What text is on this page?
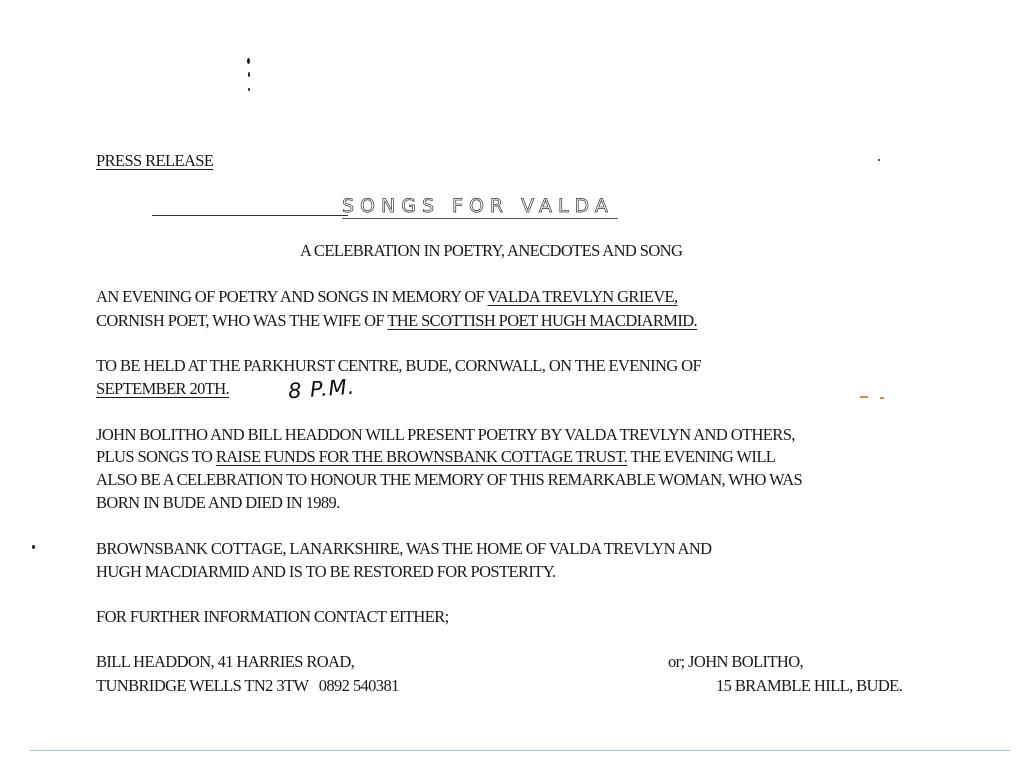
PRESS RELEASE
SONGS FOR VALDA
A CELEBRATION IN POETRY, ANECDOTES AND SONG
AN EVENING OF POETRY AND SONGS IN MEMORY OF VALDA TREVLYN GRIEVE,
CORNISH POET, WHO WAS THE WIFE OF THE SCOTTISH POET HUGH MACDIARMID.
TO BE HELD AT THE PARKHURST CENTRE, BUDE, CORNWALL, ON THE EVENING OF
SEPTEMBER 20TH.	8 P.M.
JOHN BOLITHO AND BILL HEADDON WILL PRESENT POETRY BY VALDA TREVLYN AND OTHERS,
PLUS SONGS TO RAISE FUNDS FOR THE BROWNSBANK COTTAGE TRUST. THE EVENING WILL
ALSO BE A CELEBRATION TO HONOUR THE MEMORY OF THIS REMARKABLE WOMAN, WHO WAS
BORN IN BUDE AND DIED IN 1989.
BROWNSBANK COTTAGE, LANARKSHIRE, WAS THE HOME OF VALDA TREVLYN AND
HUGH MACDIARMID AND IS TO BE RESTORED FOR POSTERITY.
FOR FURTHER INFORMATION CONTACT EITHER;
BILL HEADDON, 41 HARRIES ROAD,
TUNBRIDGE WELLS TN2 3TW   0892 540381
or; JOHN BOLITHO,
15 BRAMBLE HILL, BUDE.
